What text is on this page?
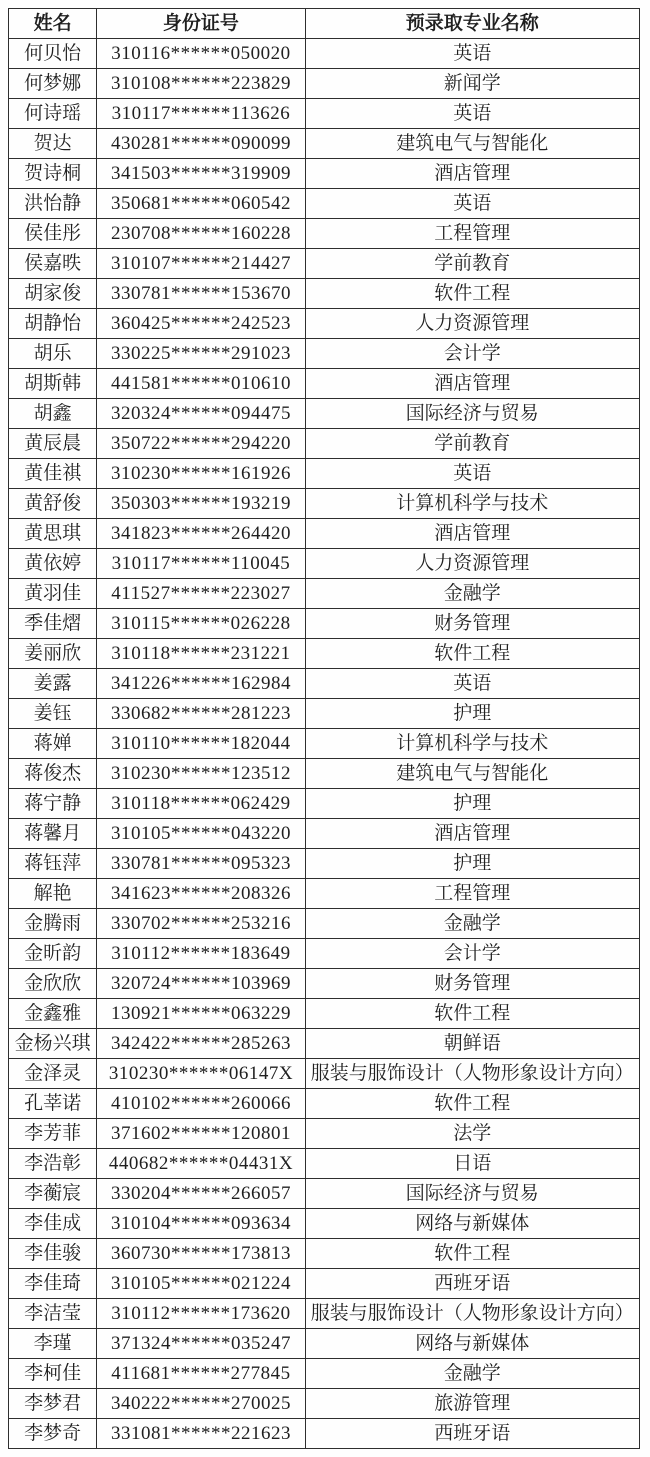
姓名	身份证号	预录取专业名称
何贝怡	310116******050020	英语
何梦娜	310108******223829	新闻学
何诗瑶	310117******113626	英语
贺达	430281******090099	建筑电气与智能化
贺诗桐	341503******319909	酒店管理
洪怡静	350681******060542	英语
侯佳彤	230708******160228	工程管理
侯嘉昳	310107******214427	学前教育
胡家俊	330781******153670	软件工程
胡静怡	360425******242523	人力资源管理
胡乐	330225******291023	会计学
胡斯韩	441581******010610	酒店管理
胡鑫	320324******094475	国际经济与贸易
黄辰晨	350722******294220	学前教育
黄佳祺	310230******161926	英语
黄舒俊	350303******193219	计算机科学与技术
黄思琪	341823******264420	酒店管理
黄依婷	310117******110045	人力资源管理
黄羽佳	411527******223027	金融学
季佳熠	310115******026228	财务管理
姜丽欣	310118******231221	软件工程
姜露	341226******162984	英语
姜钰	330682******281223	护理
蒋婵	310110******182044	计算机科学与技术
蒋俊杰	310230******123512	建筑电气与智能化
蒋宁静	310118******062429	护理
蒋馨月	310105******043220	酒店管理
蒋钰萍	330781******095323	护理
解艳	341623******208326	工程管理
金腾雨	330702******253216	金融学
金昕韵	310112******183649	会计学
金欣欣	320724******103969	财务管理
金鑫雅	130921******063229	软件工程
金杨兴琪	342422******285263	朝鲜语
金泽灵	310230******06147X	服装与服饰设计（人物形象设计方向）
孔莘诺	410102******260066	软件工程
李芳菲	371602******120801	法学
李浩彰	440682******04431X	日语
李蘅宸	330204******266057	国际经济与贸易
李佳成	310104******093634	网络与新媒体
李佳骏	360730******173813	软件工程
李佳琦	310105******021224	西班牙语
李洁莹	310112******173620	服装与服饰设计（人物形象设计方向）
李瑾	371324******035247	网络与新媒体
李柯佳	411681******277845	金融学
李梦君	340222******270025	旅游管理
李梦奇	331081******221623	西班牙语
